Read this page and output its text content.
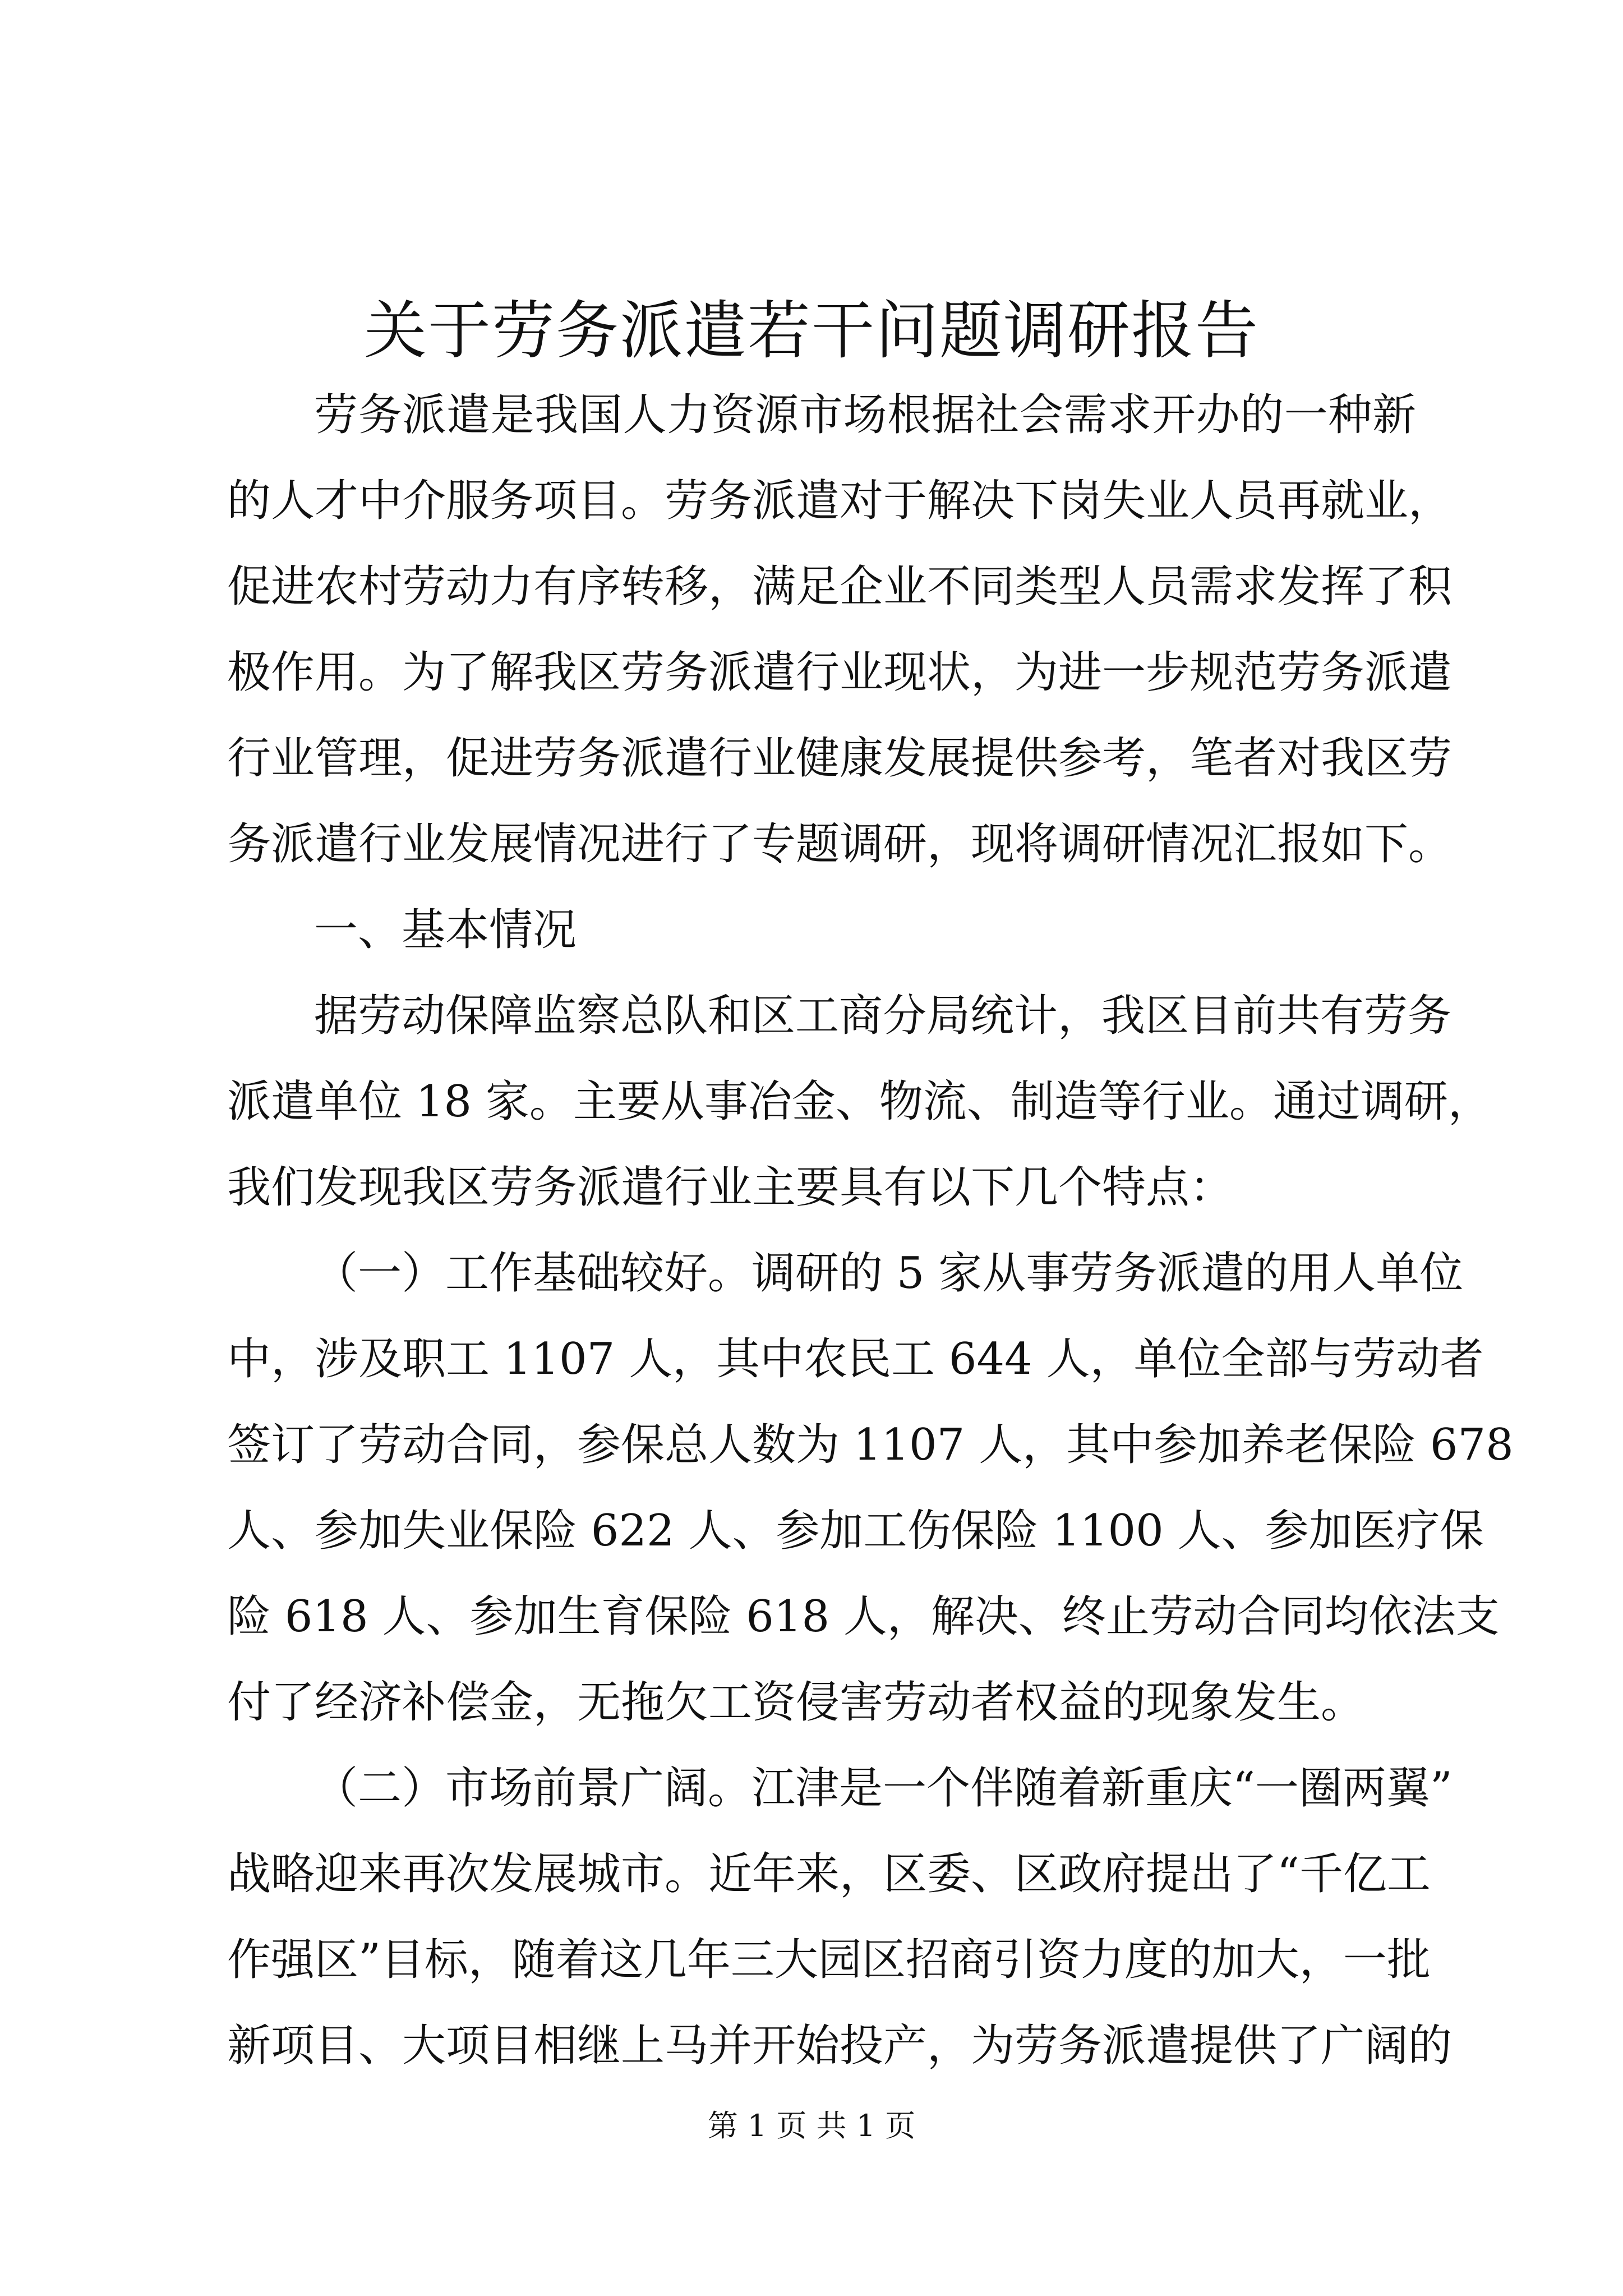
关于劳务派遣若干问题调研报告

劳务派遣是我国人力资源市场根据社会需求开办的一种新

的人才中介服务项目。劳务派遣对于解决下岗失业人员再就业，

促进农村劳动力有序转移，满足企业不同类型人员需求发挥了积

极作用。为了解我区劳务派遣行业现状，为进一步规范劳务派遣

行业管理，促进劳务派遣行业健康发展提供参考，笔者对我区劳

务派遣行业发展情况进行了专题调研，现将调研情况汇报如下。

一、基本情况

据劳动保障监察总队和区工商分局统计，我区目前共有劳务

派遣单位 18 家。主要从事冶金、物流、制造等行业。通过调研，

我们发现我区劳务派遣行业主要具有以下几个特点：

（一）工作基础较好。调研的 5 家从事劳务派遣的用人单位

中，涉及职工 1107 人，其中农民工 644 人，单位全部与劳动者

签订了劳动合同，参保总人数为 1107 人，其中参加养老保险 678

人、参加失业保险 622 人、参加工伤保险 1100 人、参加医疗保

险 618 人、参加生育保险 618 人，解决、终止劳动合同均依法支

付了经济补偿金，无拖欠工资侵害劳动者权益的现象发生。

（二）市场前景广阔。江津是一个伴随着新重庆“一圈两翼”

战略迎来再次发展城市。近年来，区委、区政府提出了“千亿工

作强区”目标，随着这几年三大园区招商引资力度的加大，一批

新项目、大项目相继上马并开始投产，为劳务派遣提供了广阔的

第 1 页 共 1 页
